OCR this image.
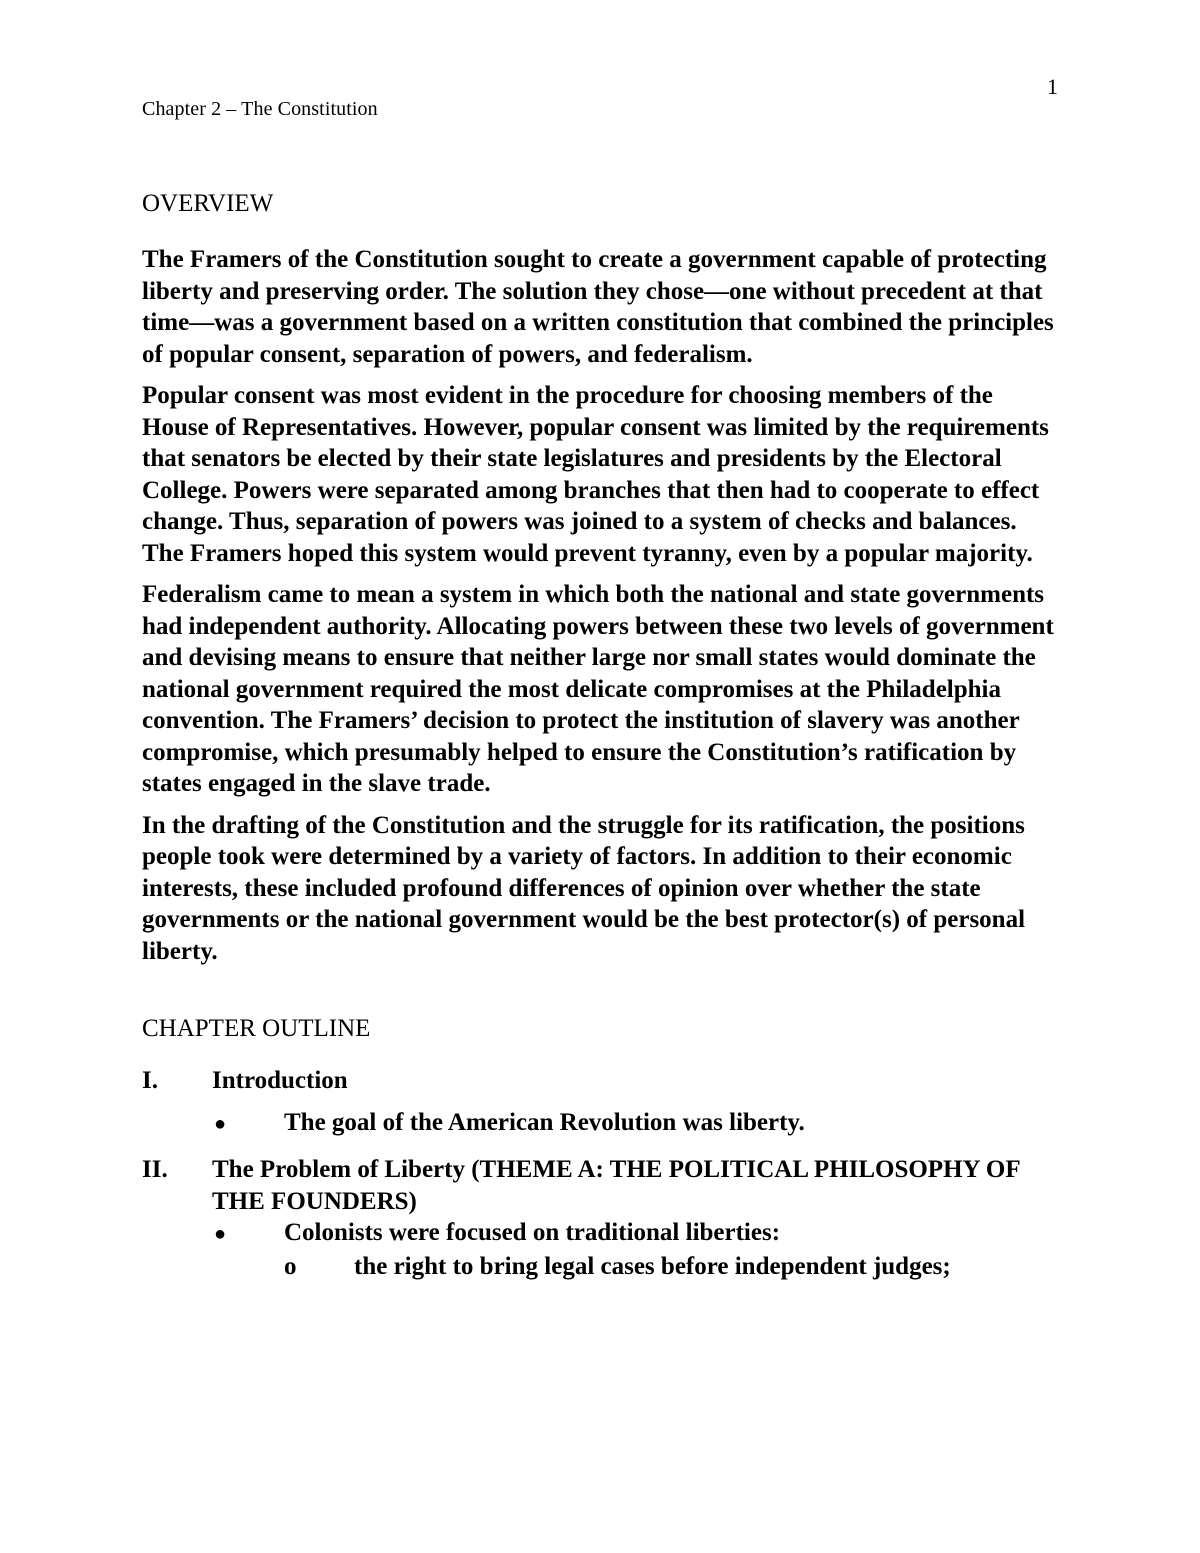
1
Chapter 2 – The Constitution

OVERVIEW

The Framers of the Constitution sought to create a government capable of protecting liberty and preserving order. The solution they chose—one without precedent at that time—was a government based on a written constitution that combined the principles of popular consent, separation of powers, and federalism.

Popular consent was most evident in the procedure for choosing members of the House of Representatives. However, popular consent was limited by the requirements that senators be elected by their state legislatures and presidents by the Electoral College. Powers were separated among branches that then had to cooperate to effect change. Thus, separation of powers was joined to a system of checks and balances. The Framers hoped this system would prevent tyranny, even by a popular majority.

Federalism came to mean a system in which both the national and state governments had independent authority. Allocating powers between these two levels of government and devising means to ensure that neither large nor small states would dominate the national government required the most delicate compromises at the Philadelphia convention. The Framers’ decision to protect the institution of slavery was another compromise, which presumably helped to ensure the Constitution’s ratification by states engaged in the slave trade.

In the drafting of the Constitution and the struggle for its ratification, the positions people took were determined by a variety of factors. In addition to their economic interests, these included profound differences of opinion over whether the state governments or the national government would be the best protector(s) of personal liberty.

CHAPTER OUTLINE

I.	Introduction
●	The goal of the American Revolution was liberty.
II.	The Problem of Liberty (THEME A: THE POLITICAL PHILOSOPHY OF THE FOUNDERS)
●	Colonists were focused on traditional liberties:
o	the right to bring legal cases before independent judges;
